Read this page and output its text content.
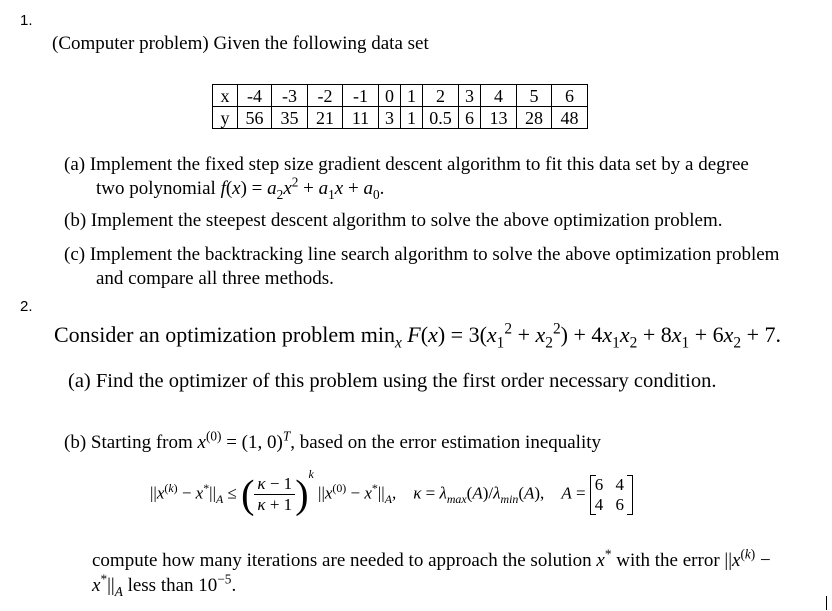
1.
(Computer problem) Given the following data set
x	-4	-3	-2	-1	0	1	2	3	4	5	6
y	56	35	21	11	3	1	0.5	6	13	28	48
(a) Implement the fixed step size gradient descent algorithm to fit this data set by a degree
two polynomial $f(x) = a_2x^2 + a_1x + a_0$.
(b) Implement the steepest descent algorithm to solve the above optimization problem.
(c) Implement the backtracking line search algorithm to solve the above optimization problem
and compare all three methods.
2.
Consider an optimization problem $\min_x F(x) = 3(x_1^2 + x_2^2) + 4x_1x_2 + 8x_1 + 6x_2 + 7$.
(a) Find the optimizer of this problem using the first order necessary condition.
(b) Starting from $x^{(0)} = (1$, 0)$^T$, based on the error estimation inequality
$||x^{(k)} - x^*||_A$ ≤ ( $\frac{\kappa - 1}{\kappa + 1} )^k$ $||x^{(0)} - x^*||_A$,    $\kappa = \lambda_{max}(A)/\lambda_{min}(A)$,    A = 6 4
4 6
compute how many iterations are needed to approach the solution x* with the error $||x^{(k)}$ −
$x^*||_A$ less than $10^{-5}$.
